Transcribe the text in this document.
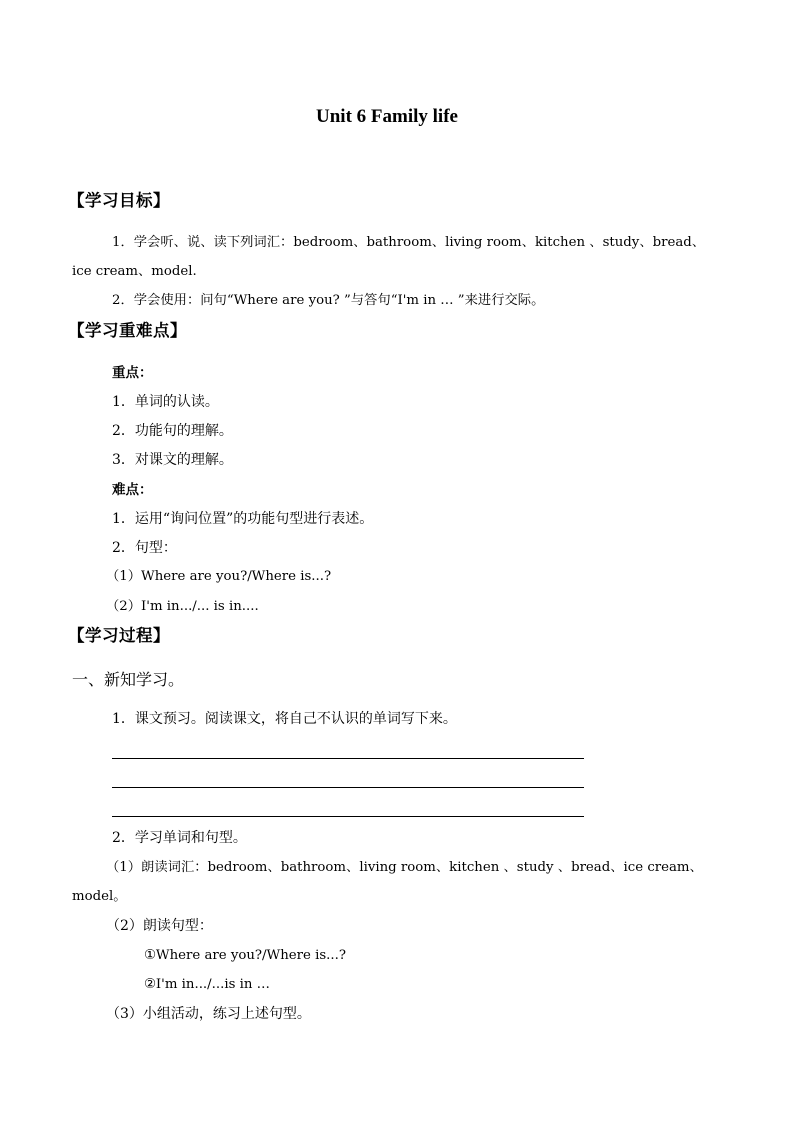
Unit 6 Family life
【学习目标】
1．学会听、说、读下列词汇：bedroom、bathroom、living room、kitchen 、study、bread、
ice cream、model.
2．学会使用：问句“Where are you? ”与答句“I'm in … ”来进行交际。
【学习重难点】
重点：
1．单词的认读。
2．功能句的理解。
3．对课文的理解。
难点：
1．运用“询问位置”的功能句型进行表述。
2．句型：
（1）Where are you?/Where is...?
（2）I'm in.../... is in....
【学习过程】
一、新知学习。
1．课文预习。阅读课文，将自己不认识的单词写下来。
2．学习单词和句型。
（1）朗读词汇：bedroom、bathroom、living room、kitchen 、study 、bread、ice cream、
model。
（2）朗读句型：
①Where are you?/Where is...?
②I'm in.../...is in …
（3）小组活动，练习上述句型。
